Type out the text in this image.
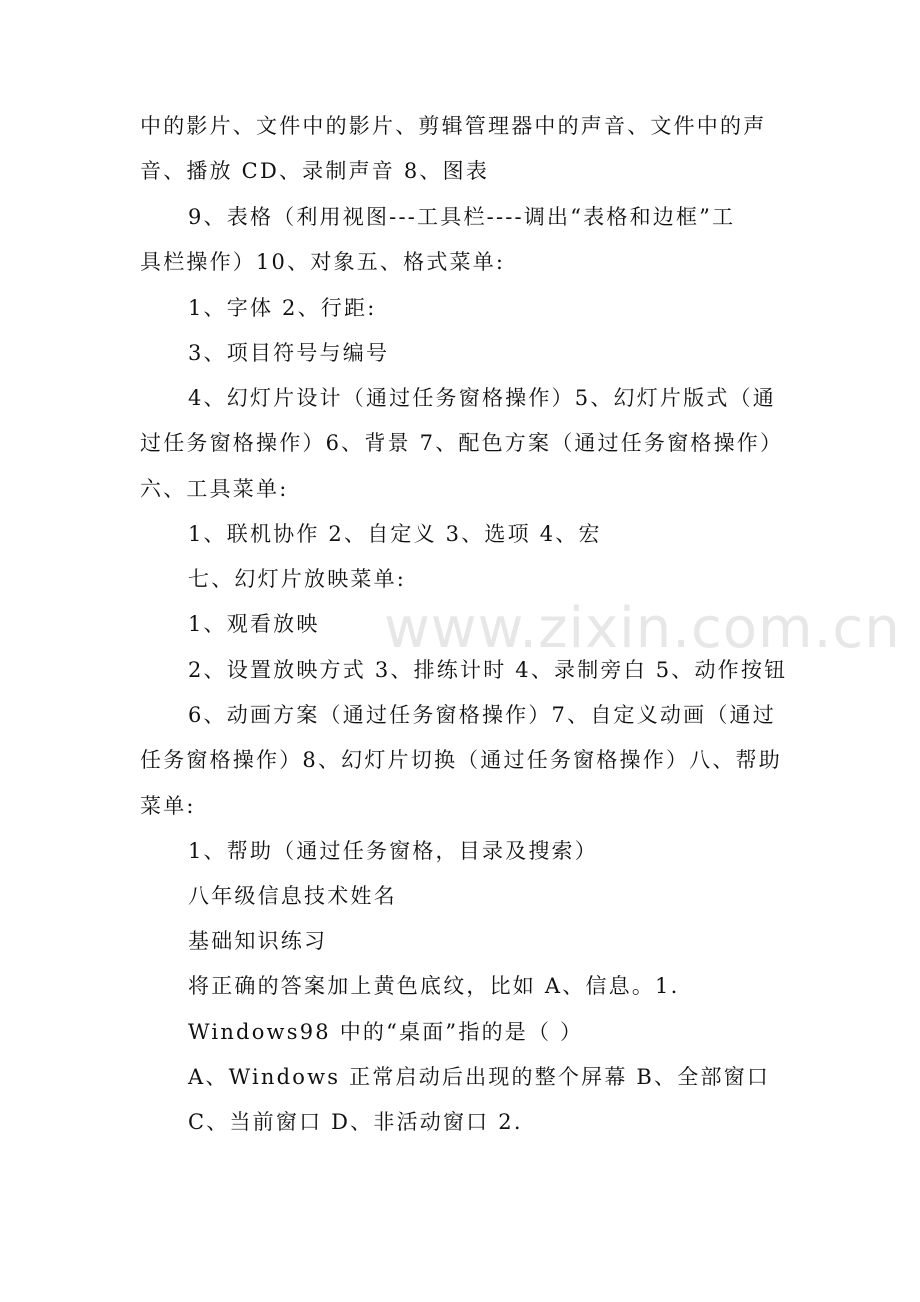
www.zixin.com.cn
中的影片、文件中的影片、剪辑管理器中的声音、文件中的声
音、播放 CD、录制声音 8、图表
9、表格（利用视图---工具栏----调出“表格和边框”工
具栏操作）10、对象五、格式菜单:
1、字体 2、行距:
3、项目符号与编号
4、幻灯片设计（通过任务窗格操作）5、幻灯片版式（通
过任务窗格操作）6、背景 7、配色方案（通过任务窗格操作）
六、工具菜单:
1、联机协作 2、自定义 3、选项 4、宏
七、幻灯片放映菜单:
1、观看放映
2、设置放映方式 3、排练计时 4、录制旁白 5、动作按钮
6、动画方案（通过任务窗格操作）7、自定义动画（通过
任务窗格操作）8、幻灯片切换（通过任务窗格操作）八、帮助
菜单:
1、帮助（通过任务窗格，目录及搜索）
八年级信息技术姓名
基础知识练习
将正确的答案加上黄色底纹，比如 A、信息。1.
Windows98 中的“桌面”指的是（ ）
A、Windows 正常启动后出现的整个屏幕 B、全部窗口
C、当前窗口 D、非活动窗口 2.
